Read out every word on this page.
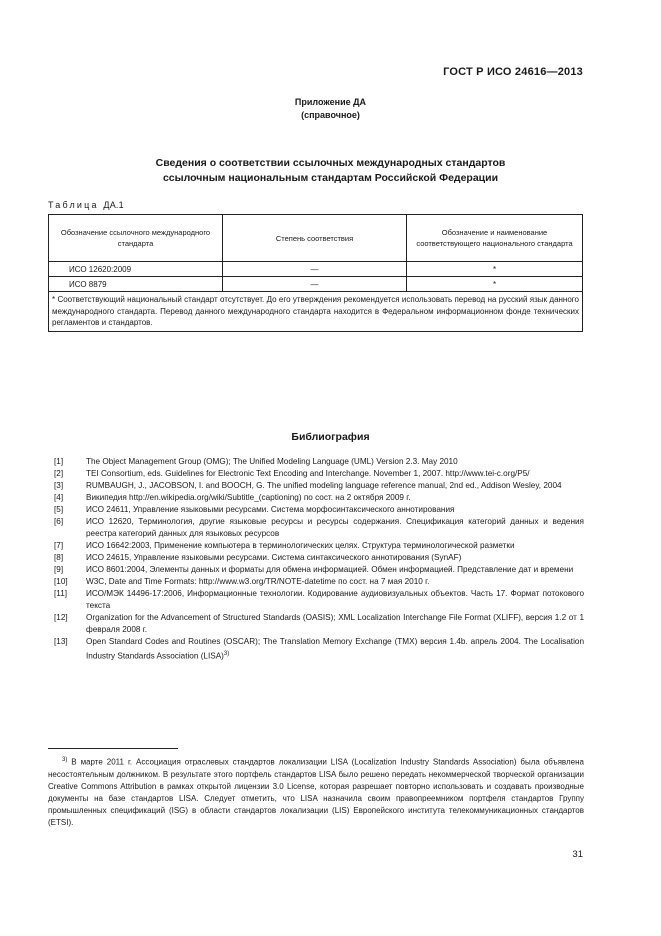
ГОСТ Р ИСО 24616—2013
Приложение ДА
(справочное)
Сведения о соответствии ссылочных международных стандартов
ссылочным национальным стандартам Российской Федерации
Таблица ДА.1
Обозначение ссылочного международного стандарта	Степень соответствия	Обозначение и наименование соответствующего национального стандарта
ИСО 12620:2009	—	*
ИСО 8879	—	*
* Соответствующий национальный стандарт отсутствует. До его утверждения рекомендуется использовать перевод на русский язык данного международного стандарта. Перевод данного международного стандарта находится в Федеральном информационном фонде технических регламентов и стандартов.		
Библиография
[1]	The Object Management Group (OMG); The Unified Modeling Language (UML) Version 2.3. May 2010
[2]	TEI Consortium, eds. Guidelines for Electronic Text Encoding and Interchange. November 1, 2007. http://www.tei-c.org/P5/
[3]	RUMBAUGH, J., JACOBSON, I. and BOOCH, G. The unified modeling language reference manual, 2nd ed., Addison Wesley, 2004
[4]	Википедия http://en.wikipedia.org/wiki/Subtitle_(captioning) по сост. на 2 октября 2009 г.
[5]	ИСО 24611, Управление языковыми ресурсами. Система морфосинтаксического аннотирования
[6]	ИСО 12620, Терминология, другие языковые ресурсы и ресурсы содержания. Спецификация категорий данных и ведения реестра категорий данных для языковых ресурсов
[7]	ИСО 16642:2003, Применение компьютера в терминологических целях. Структура терминологической разметки
[8]	ИСО 24615, Управление языковыми ресурсами. Система синтаксического аннотирования (SynAF)
[9]	ИСО 8601:2004, Элементы данных и форматы для обмена информацией. Обмен информацией. Представление дат и времени
[10] W3C, Date and Time Formats: http://www.w3.org/TR/NOTE-datetime по сост. на 7 мая 2010 г.
[11] ИСО/МЭК 14496-17:2006, Информационные технологии. Кодирование аудиовизуальных объектов. Часть 17. Формат потокового текста
[12] Organization for the Advancement of Structured Standards (OASIS); XML Localization Interchange File Format (XLIFF), версия 1.2 от 1 февраля 2008 г.
[13] Open Standard Codes and Routines (OSCAR); The Translation Memory Exchange (TMX) версия 1.4b. апрель 2004. The Localisation Industry Standards Association (LISA)$^{3)}$
$^{3)}$ В марте 2011 г. Ассоциация отраслевых стандартов локализации LISA (Localization Industry Standards Association) была объявлена несостоятельным должником. В результате этого портфель стандартов LISA было решено передать некоммерческой творческой организации Creative Commons Attribution в рамках открытой лицензии 3.0 License, которая разрешает повторно использовать и создавать производные документы на базе стандартов LISA. Следует отметить, что LISA назначила своим правопреемником портфеля стандартов Группу промышленных спецификаций (ISG) в области стандартов локализации (LIS) Европейского института телекоммуникационных стандартов (ETSI).
31
